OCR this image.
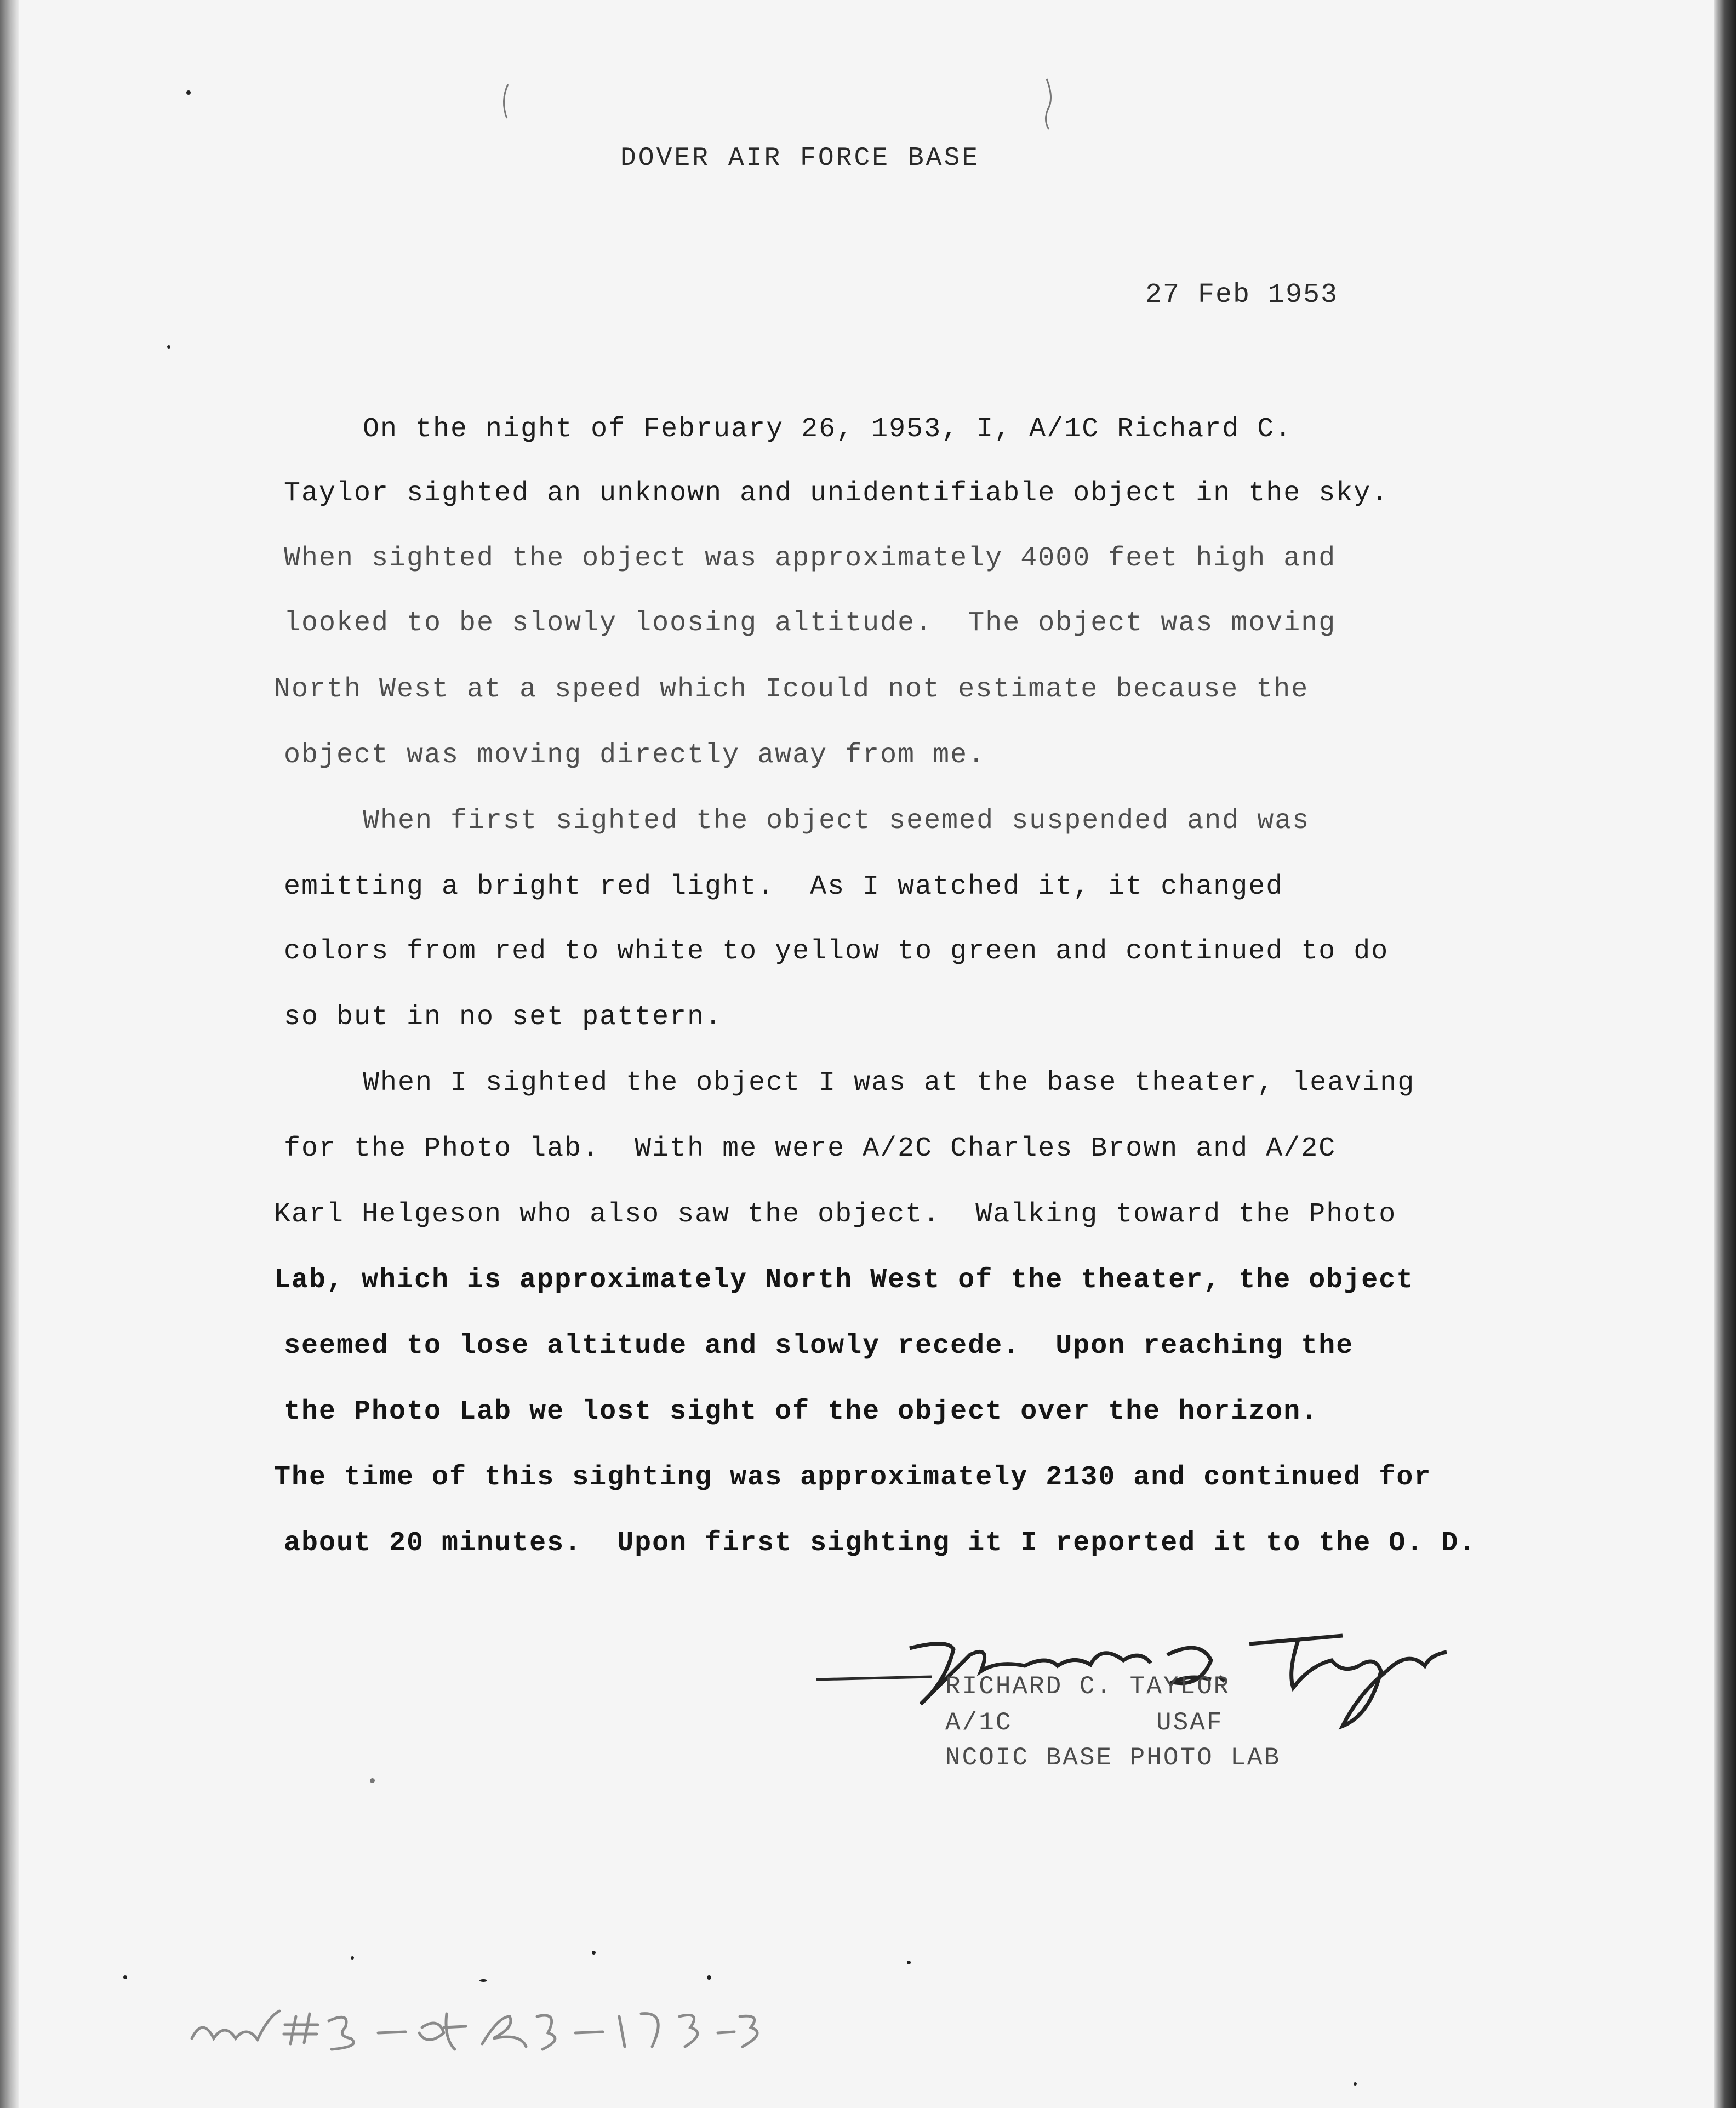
DOVER AIR FORCE BASE
27 Feb 1953
On the night of February 26, 1953, I, A/1C Richard C.
Taylor sighted an unknown and unidentifiable object in the sky.
When sighted the object was approximately 4000 feet high and
looked to be slowly loosing altitude.  The object was moving
North West at a speed which Icould not estimate because the
object was moving directly away from me.
When first sighted the object seemed suspended and was
emitting a bright red light.  As I watched it, it changed
colors from red to white to yellow to green and continued to do
so but in no set pattern.
When I sighted the object I was at the base theater, leaving
for the Photo lab.  With me were A/2C Charles Brown and A/2C
Karl Helgeson who also saw the object.  Walking toward the Photo
Lab, which is approximately North West of the theater, the object
seemed to lose altitude and slowly recede.  Upon reaching the
the Photo Lab we lost sight of the object over the horizon.
The time of this sighting was approximately 2130 and continued for
about 20 minutes.  Upon first sighting it I reported it to the O. D.
RICHARD C. TAYLOR
A/1C	USAF
NCOIC BASE PHOTO LAB
